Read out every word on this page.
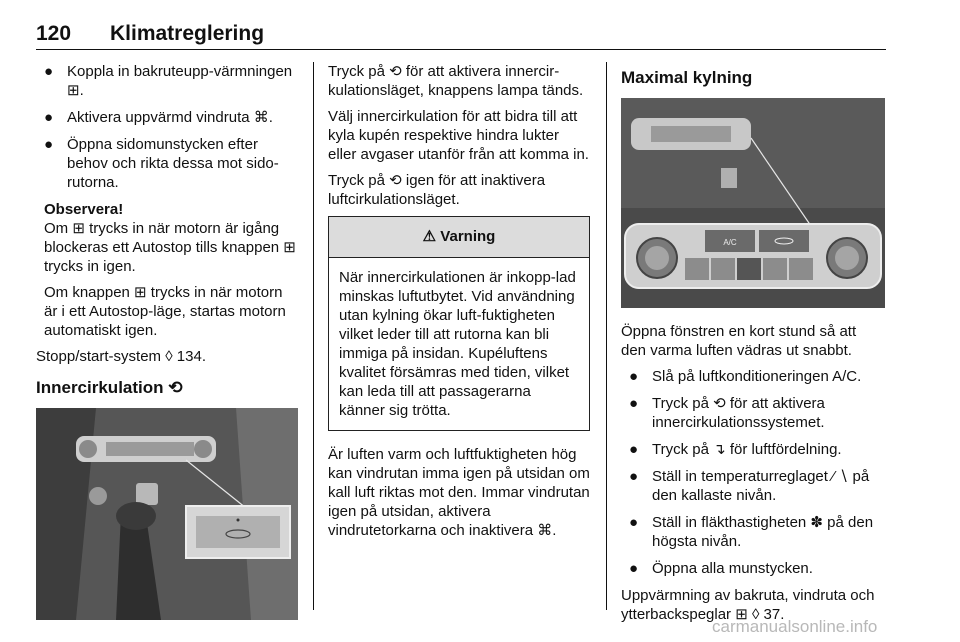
120 Klimatreglering
● Koppla in bakruteupp-värmningen ⊞.
● Aktivera uppvärmd vindruta ⌘.
● Öppna sidomunstycken efter behov och rikta dessa mot sido-rutorna.

Observera!

Om ⊞ trycks in när motorn är igång blockeras ett Autostop tills knappen ⊞ trycks in igen.

Om knappen ⊞ trycks in när motorn är i ett Autostop-läge, startas motorn automatiskt igen.

Stopp/start-system ◊ 134.

Innercirkulation ⟲

Tryck på ⟲ för att aktivera innercir-kulationsläget, knappens lampa tänds.

Välj innercirkulation för att bidra till att kyla kupén respektive hindra lukter eller avgaser utanför från att komma in.

Tryck på ⟲ igen för att inaktivera luftcirkulationsläget.

⚠ Varning
När innercirkulationen är inkopp-lad minskas luftutbytet. Vid användning utan kylning ökar luft-fuktigheten vilket leder till att rutorna kan bli immiga på insidan. Kupéluftens kvalitet försämras med tiden, vilket kan leda till att passagerarna känner sig trötta.

Är luften varm och luftfuktigheten hög kan vindrutan imma igen på utsidan om kall luft riktas mot den. Immar vindrutan igen på utsidan, aktivera vindrutetorkarna och inaktivera ⌘.

Maximal kylning
A/C

Öppna fönstren en kort stund så att den varma luften vädras ut snabbt.

● Slå på luftkonditioneringen A/C.
● Tryck på ⟲ för att aktivera innercirkulationssystemet.
● Tryck på ↴ för luftfördelning.
● Ställ in temperaturreglaget ⁄ ∖ på den kallaste nivån.
● Ställ in fläkthastigheten ✽ på den högsta nivån.
● Öppna alla munstycken.

Uppvärmning av bakruta, vindruta och ytterbackspeglar ⊞ ◊ 37.

carmanualsonline.info
